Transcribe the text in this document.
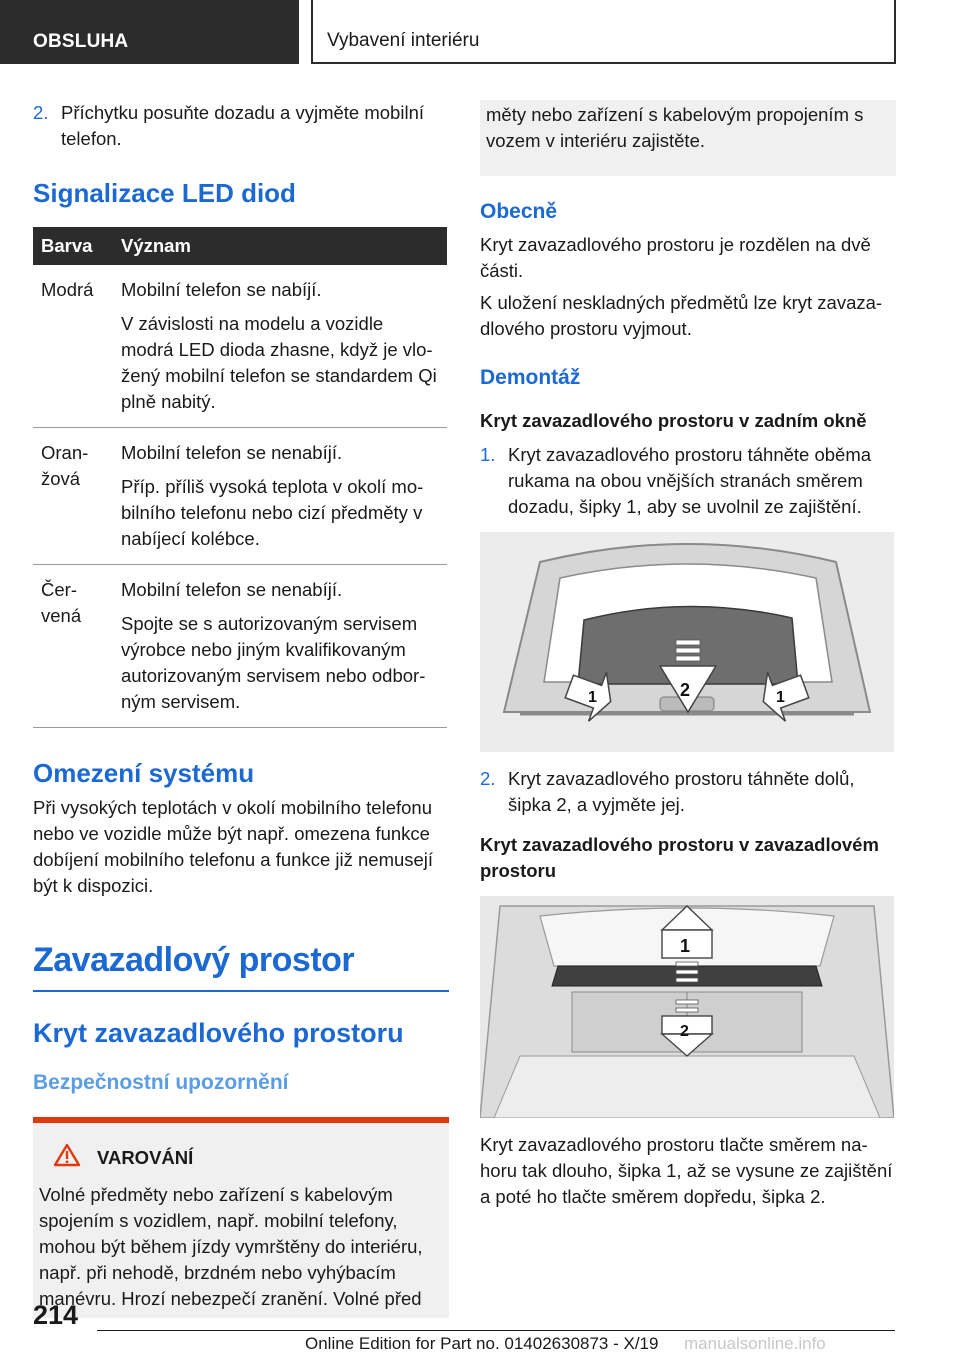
OBSLUHA	Vybavení interiéru
2. Příchytku posuňte dozadu a vyjměte mobilní telefon.
Signalizace LED diod
Barva	Význam
Modrá	Mobilní telefon se nabíjí.

V závislosti na modelu a vozidle modrá LED dioda zhasne, když je vložený mobilní telefon se standardem Qi plně nabitý.

Oranžová	Mobilní telefon se nenabíjí.

Příp. příliš vysoká teplota v okolí mobilního telefonu nebo cizí předměty v nabíjecí kolébce.

Červená	Mobilní telefon se nenabíjí.

Spojte se s autorizovaným servisem výrobce nebo jiným kvalifikovaným autorizovaným servisem nebo odborným servisem.

Omezení systému

Při vysokých teplotách v okolí mobilního telefonu nebo ve vozidle může být např. omezena funkce dobíjení mobilního telefonu a funkce již nemusejí být k dispozici.

Zavazadlový prostor
Kryt zavazadlového prostoru
Bezpečnostní upozornění
VAROVÁNÍ

Volné předměty nebo zařízení s kabelovým spojením s vozidlem, např. mobilní telefony, mohou být během jízdy vymrštěny do interiéru, např. při nehodě, brzdném nebo vyhýbacím manévru. Hrozí nebezpečí zranění. Volné před

měty nebo zařízení s kabelovým propojením s vozem v interiéru zajistěte.

Obecně

Kryt zavazadlového prostoru je rozdělen na dvě části.

K uložení neskladných předmětů lze kryt zavazadlového prostoru vyjmout.

Demontáž
Kryt zavazadlového prostoru v zadním okně
1. Kryt zavazadlového prostoru táhněte oběma rukama na obou vnějších stranách směrem dozadu, šipky 1, aby se uvolnil ze zajištění.
2
1	1
2. Kryt zavazadlového prostoru táhněte dolů, šipka 2, a vyjměte jej.
Kryt zavazadlového prostoru v zavazadlovém prostoru
1
2

Kryt zavazadlového prostoru tlačte směrem nahoru tak dlouho, šipka 1, až se vysune ze zajištění a poté ho tlačte směrem dopředu, šipka 2.

214
Online Edition for Part no. 01402630873 - X/19 manualsonline.info
